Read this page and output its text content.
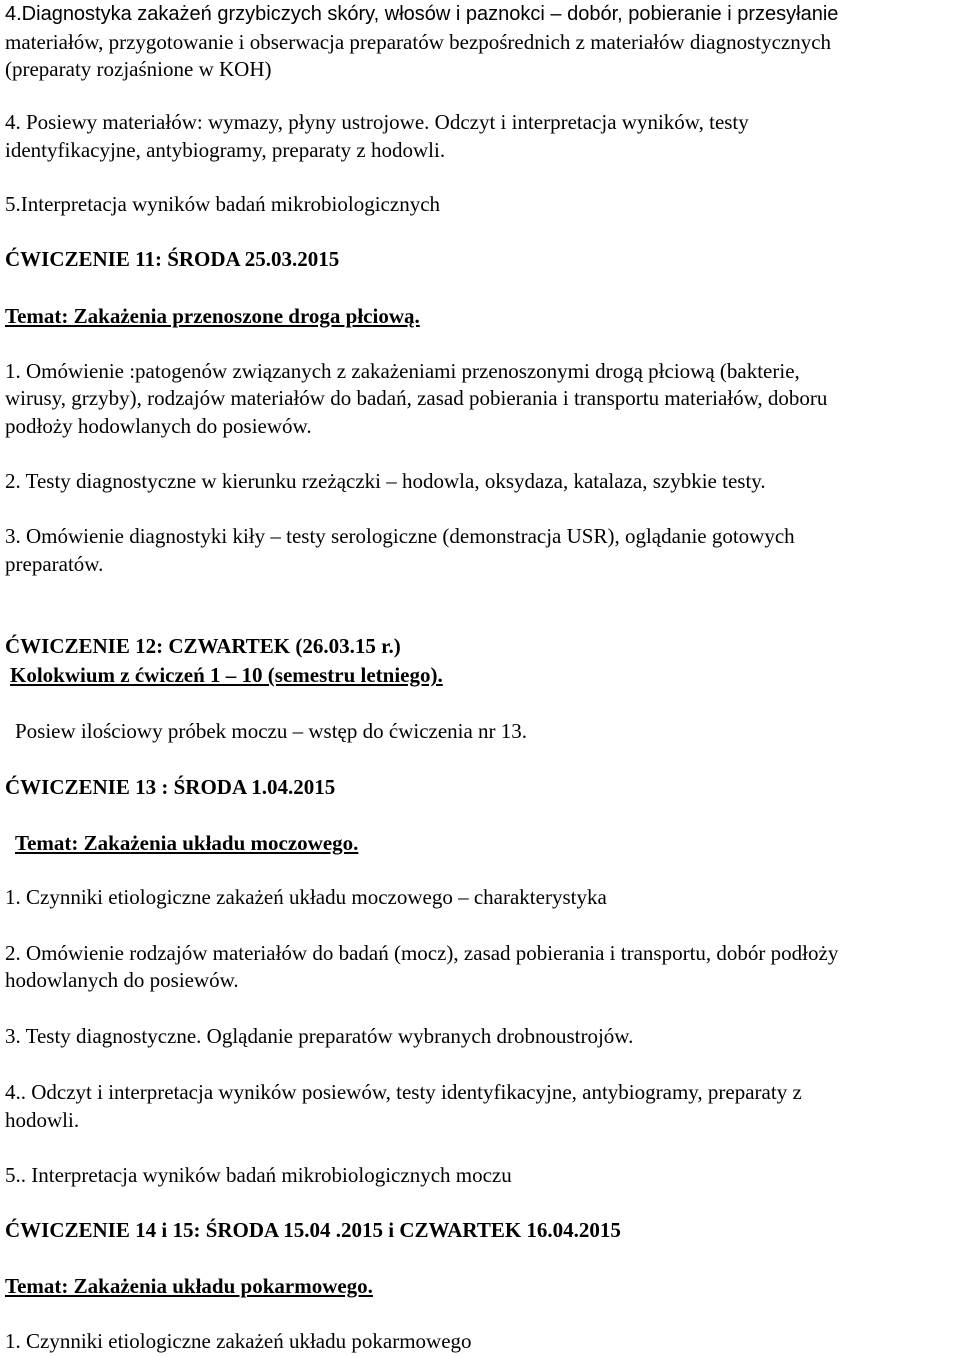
4.Diagnostyka zakażeń grzybiczych skóry, włosów i paznokci – dobór, pobieranie i przesyłanie
materiałów, przygotowanie i obserwacja preparatów bezpośrednich z materiałów diagnostycznych
(preparaty rozjaśnione w KOH)
4. Posiewy materiałów: wymazy, płyny ustrojowe. Odczyt i interpretacja wyników, testy
identyfikacyjne, antybiogramy, preparaty z hodowli.
5.Interpretacja wyników badań mikrobiologicznych
ĆWICZENIE 11: ŚRODA 25.03.2015
Temat: Zakażenia przenoszone droga płciową.
1. Omówienie :patogenów związanych z zakażeniami przenoszonymi drogą płciową (bakterie,
wirusy, grzyby), rodzajów materiałów do badań, zasad pobierania i transportu materiałów, doboru
podłoży hodowlanych do posiewów.
2. Testy diagnostyczne w kierunku rzeżączki – hodowla, oksydaza, katalaza, szybkie testy.
3. Omówienie diagnostyki kiły – testy serologiczne (demonstracja USR), oglądanie gotowych
preparatów.
ĆWICZENIE 12: CZWARTEK (26.03.15 r.)
Kolokwium z ćwiczeń 1 – 10 (semestru letniego).
Posiew ilościowy próbek moczu – wstęp do ćwiczenia nr 13.
ĆWICZENIE 13 : ŚRODA 1.04.2015
Temat: Zakażenia układu moczowego.
1. Czynniki etiologiczne zakażeń układu moczowego – charakterystyka
2. Omówienie rodzajów materiałów do badań (mocz), zasad pobierania i transportu, dobór podłoży
hodowlanych do posiewów.
3. Testy diagnostyczne. Oglądanie preparatów wybranych drobnoustrojów.
4.. Odczyt i interpretacja wyników posiewów, testy identyfikacyjne, antybiogramy, preparaty z
hodowli.
5.. Interpretacja wyników badań mikrobiologicznych moczu
ĆWICZENIE 14 i 15: ŚRODA 15.04 .2015 i CZWARTEK 16.04.2015
Temat: Zakażenia układu pokarmowego.
1. Czynniki etiologiczne zakażeń układu pokarmowego
